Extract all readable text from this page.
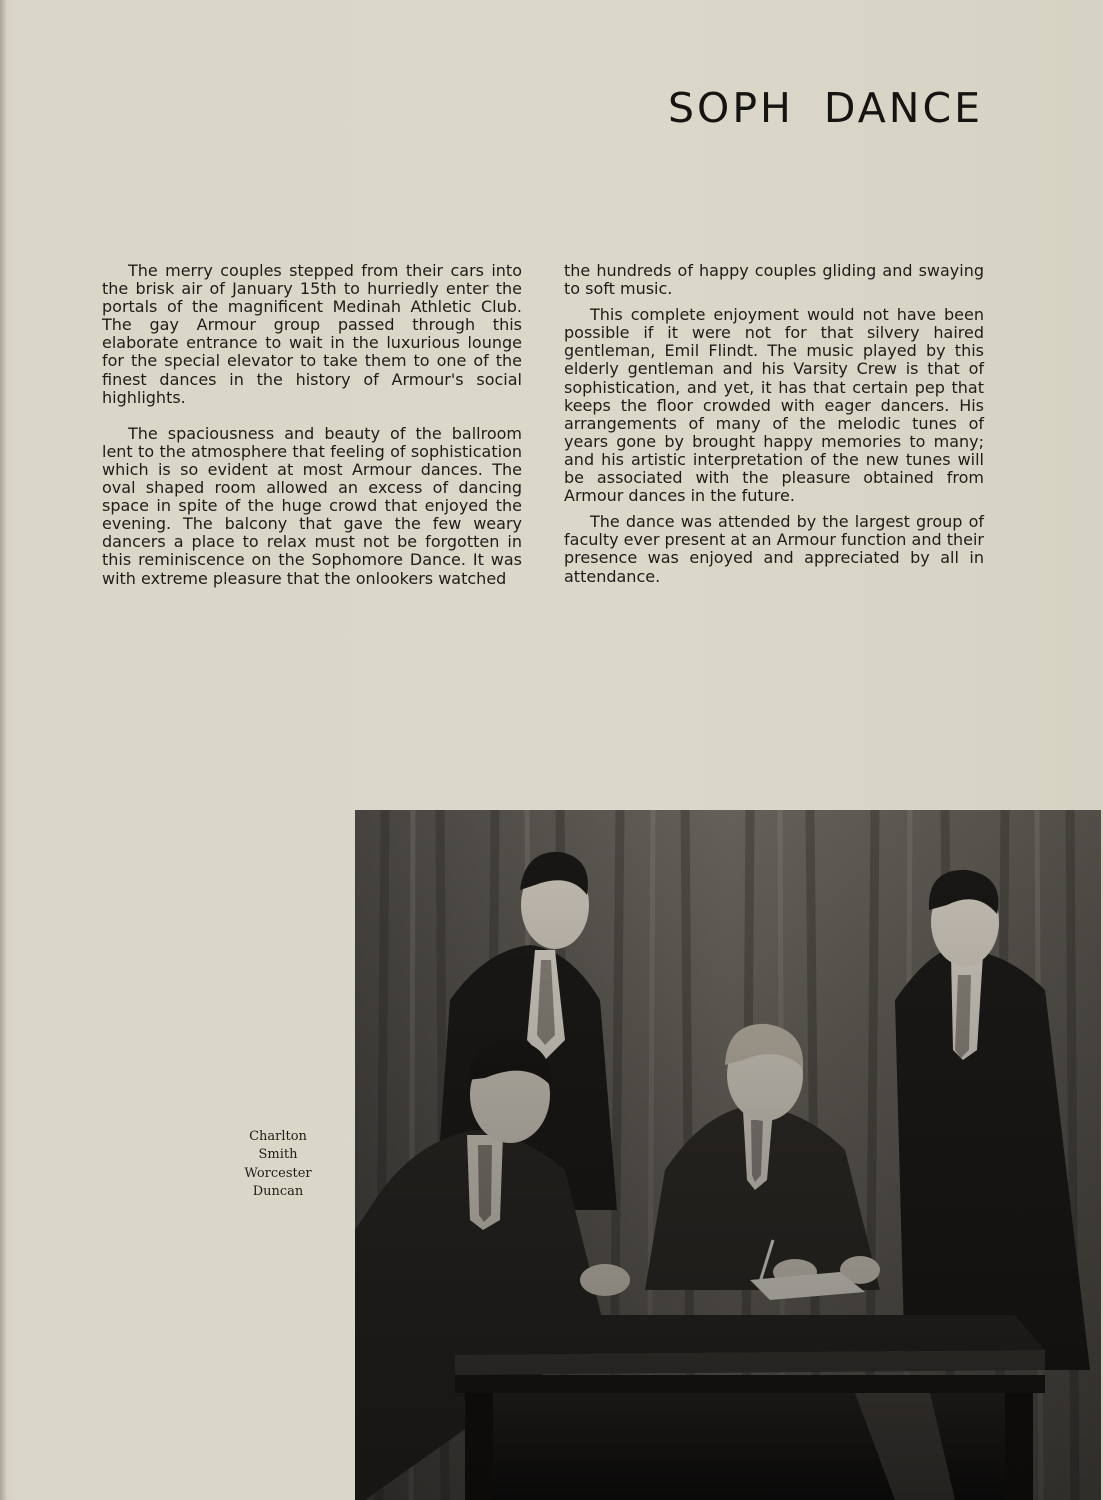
SOPH DANCE

The merry couples stepped from their cars into the brisk air of January 15th to hurriedly enter the portals of the magnificent Medinah Athletic Club. The gay Armour group passed through this elaborate entrance to wait in the luxurious lounge for the special elevator to take them to one of the finest dances in the history of Armour's social highlights.

The spaciousness and beauty of the ballroom lent to the atmosphere that feeling of sophistication which is so evident at most Armour dances. The oval shaped room allowed an excess of dancing space in spite of the huge crowd that enjoyed the evening. The balcony that gave the few weary dancers a place to relax must not be forgotten in this reminiscence on the Sophomore Dance. It was with extreme pleasure that the onlookers watched

the hundreds of happy couples gliding and swaying to soft music.

This complete enjoyment would not have been possible if it were not for that silvery haired gentleman, Emil Flindt. The music played by this elderly gentleman and his Varsity Crew is that of sophistication, and yet, it has that certain pep that keeps the floor crowded with eager dancers. His arrangements of many of the melodic tunes of years gone by brought happy memories to many; and his artistic interpretation of the new tunes will be associated with the pleasure obtained from Armour dances in the future.

The dance was attended by the largest group of faculty ever present at an Armour function and their presence was enjoyed and appreciated by all in attendance.

Charlton
Smith
Worcester
Duncan
